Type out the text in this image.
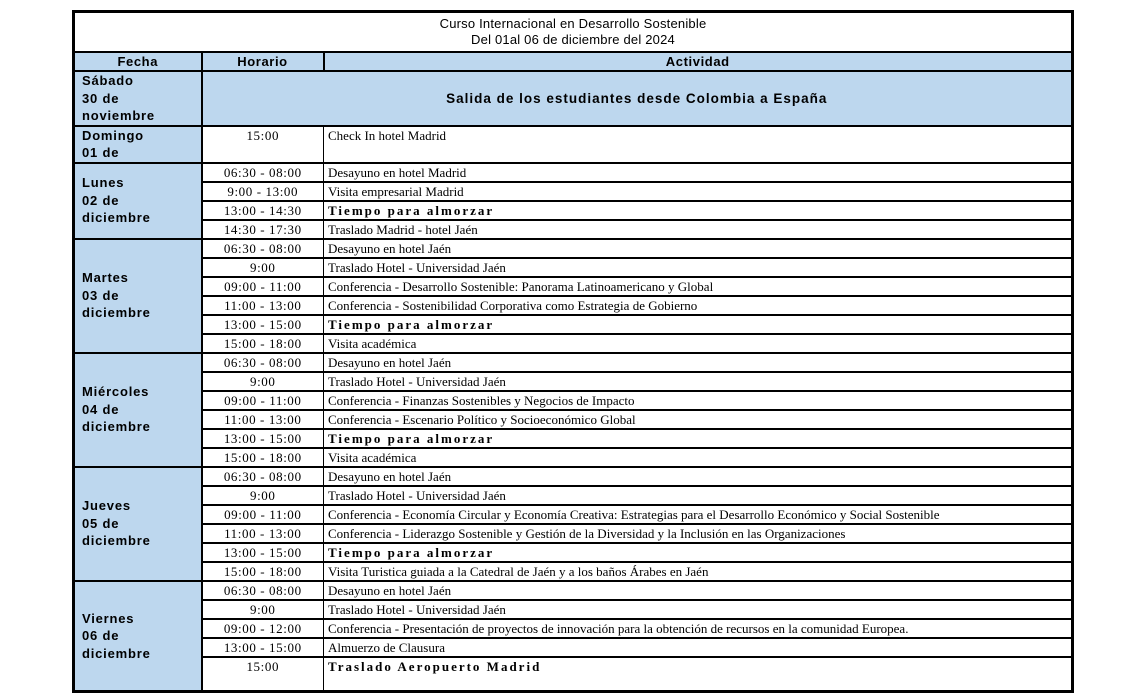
Curso Internacional en Desarrollo Sostenible
Del 01al 06 de diciembre del 2024		

Fecha	Horario	Actividad

Sábado
30 de
noviembre	Salida de los estudiantes desde Colombia a España	

Domingo
01 de	15:00	Check In hotel Madrid

Lunes
02 de
diciembre	06:30 - 08:00	Desayuno en hotel Madrid
	9:00 - 13:00	Visita empresarial Madrid
	13:00 - 14:30	Tiempo para almorzar
	14:30 - 17:30	Traslado Madrid - hotel Jaén

Martes
03 de
diciembre	06:30 - 08:00	Desayuno en hotel Jaén
	9:00	Traslado Hotel - Universidad Jaén
	09:00 - 11:00	Conferencia - Desarrollo Sostenible: Panorama Latinoamericano y Global
	11:00 - 13:00	Conferencia - Sostenibilidad Corporativa como Estrategia de Gobierno
	13:00 - 15:00	Tiempo para almorzar
	15:00 - 18:00	Visita académica

Miércoles
04 de
diciembre	06:30 - 08:00	Desayuno en hotel Jaén
	9:00	Traslado Hotel - Universidad Jaén
	09:00 - 11:00	Conferencia - Finanzas Sostenibles y Negocios de Impacto
	11:00 - 13:00	Conferencia - Escenario Político y Socioeconómico Global
	13:00 - 15:00	Tiempo para almorzar
	15:00 - 18:00	Visita académica

Jueves
05 de
diciembre	06:30 - 08:00	Desayuno en hotel Jaén
	9:00	Traslado Hotel - Universidad Jaén
	09:00 - 11:00	Conferencia - Economía Circular y Economía Creativa: Estrategias para el Desarrollo Económico y Social Sostenible
	11:00 - 13:00	Conferencia - Liderazgo Sostenible y Gestión de la Diversidad y la Inclusión en las Organizaciones
	13:00 - 15:00	Tiempo para almorzar
	15:00 - 18:00	Visita Turistica guiada a la Catedral de Jaén y a los baños Árabes en Jaén

Viernes
06 de
diciembre	06:30 - 08:00	Desayuno en hotel Jaén
	9:00	Traslado Hotel - Universidad Jaén
	09:00 - 12:00	Conferencia - Presentación de proyectos de innovación para la obtención de recursos en la comunidad Europea.
	13:00 - 15:00	Almuerzo de Clausura
	15:00	Traslado Aeropuerto Madrid
